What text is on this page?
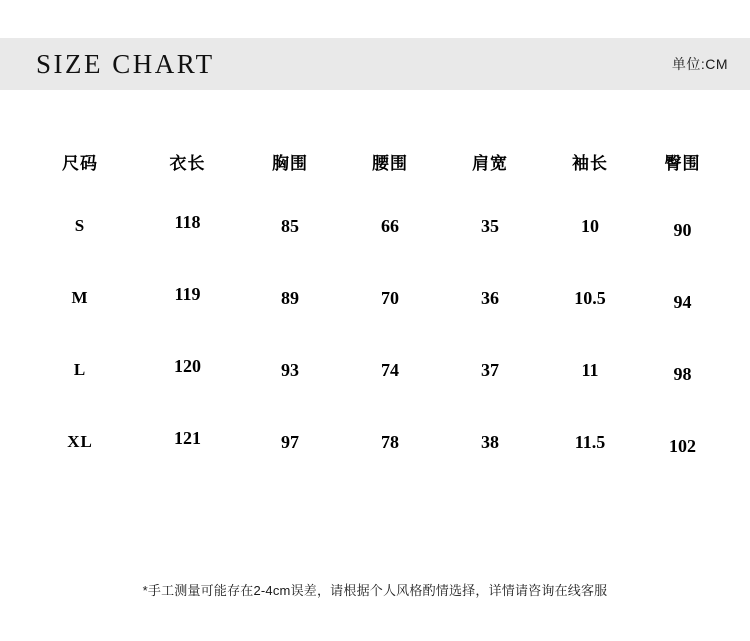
SIZE CHART	单位:CM
尺码	衣长	胸围	腰围	肩宽	袖长	臀围
S	118	85	66	35	10	90
M	119	89	70	36	10.5	94
L	120	93	74	37	11	98
XL	121	97	78	38	11.5	102
*手工测量可能存在2-4cm误差，请根据个人风格酌情选择，详情请咨询在线客服
